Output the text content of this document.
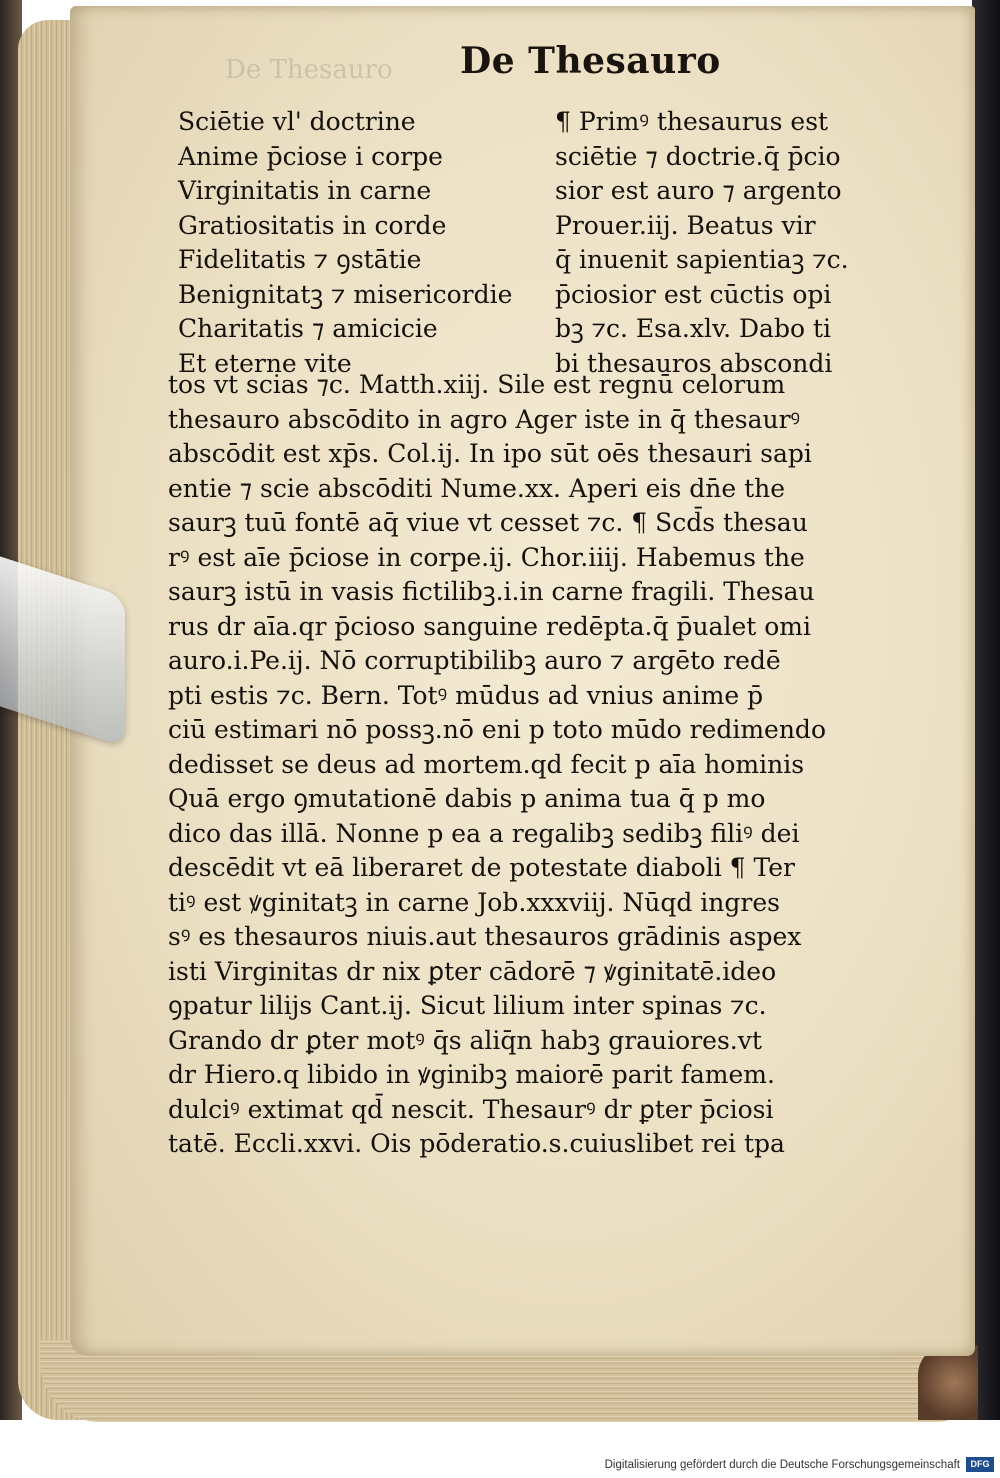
De Thesauro De Thesauro
Sciētie vl' doctrine
Anime p̄ciose i corpe
Virginitatis in carne
Gratiositatis in corde
Fidelitatis ⁊ ꝯstātie
Benignitatꝫ ⁊ misericordie
Charitatis ⁊ amicicie
Et eterne vite
¶ Primꝰ thesaurus est
sciētie ⁊ doctrie.q̄ p̄cio
sior est auro ⁊ argento
Prouer.iij. Beatus vir
q̄ inuenit sapientiaꝫ ⁊c.
p̄ciosior est cūctis opi
bꝫ ⁊c. Esa.xlv. Dabo ti
bi thesauros abscondi
tos vt scias ⁊c. Matth.xiij. Sile est regnū celorum
thesauro abscōdito in agro Ager iste in q̄ thesaurꝰ
abscōdit est xp̄s. Col.ij. In ipo sūt oēs thesauri sapi
entie ⁊ scie abscōditi Nume.xx. Aperi eis dn̄e the
saurꝫ tuū fontē aq̄ viue vt cesset ⁊c. ¶ Scd̄s thesau
rꝰ est aīe p̄ciose in corpe.ij. Chor.iiij. Habemus the
saurꝫ istū in vasis fictilibꝫ.i.in carne fragili. Thesau
rus dr aīa.qr p̄cioso sanguine redēpta.q̄ p̄ualet omi
auro.i.Pe.ij. Nō corruptibilibꝫ auro ⁊ argēto redē
pti estis ⁊c. Bern. Totꝰ mūdus ad vnius anime p̄
ciū estimari nō possꝫ.nō eni p toto mūdo redimendo
dedisset se deus ad mortem.qd fecit p aīa hominis
Quā ergo ꝯmutationē dabis p anima tua q̄ p mo
dico das illā. Nonne p ea a regalibꝫ sedibꝫ filiꝰ dei
descēdit vt eā liberaret de potestate diaboli ¶ Ter
tiꝰ est ꝟginitatꝫ in carne Job.xxxviij. Nūqd ingres
sꝰ es thesauros niuis.aut thesauros grādinis aspex
isti Virginitas dr nix ꝑter cādorē ⁊ ꝟginitatē.ideo
ꝯpatur lilijs Cant.ij. Sicut lilium inter spinas ⁊c.
Grando dr ꝑter motꝰ q̄s aliq̄n habꝫ grauiores.vt
dr Hiero.q libido in ꝟginibꝫ maiorē parit famem.
dulciꝰ extimat qd̄ nescit. Thesaurꝰ dr ꝑter p̄ciosi
tatē. Eccli.xxvi. Ois pōderatio.s.cuiuslibet rei tpa
Digitalisierung gefördert durch die Deutsche Forschungsgemeinschaft	DFG
